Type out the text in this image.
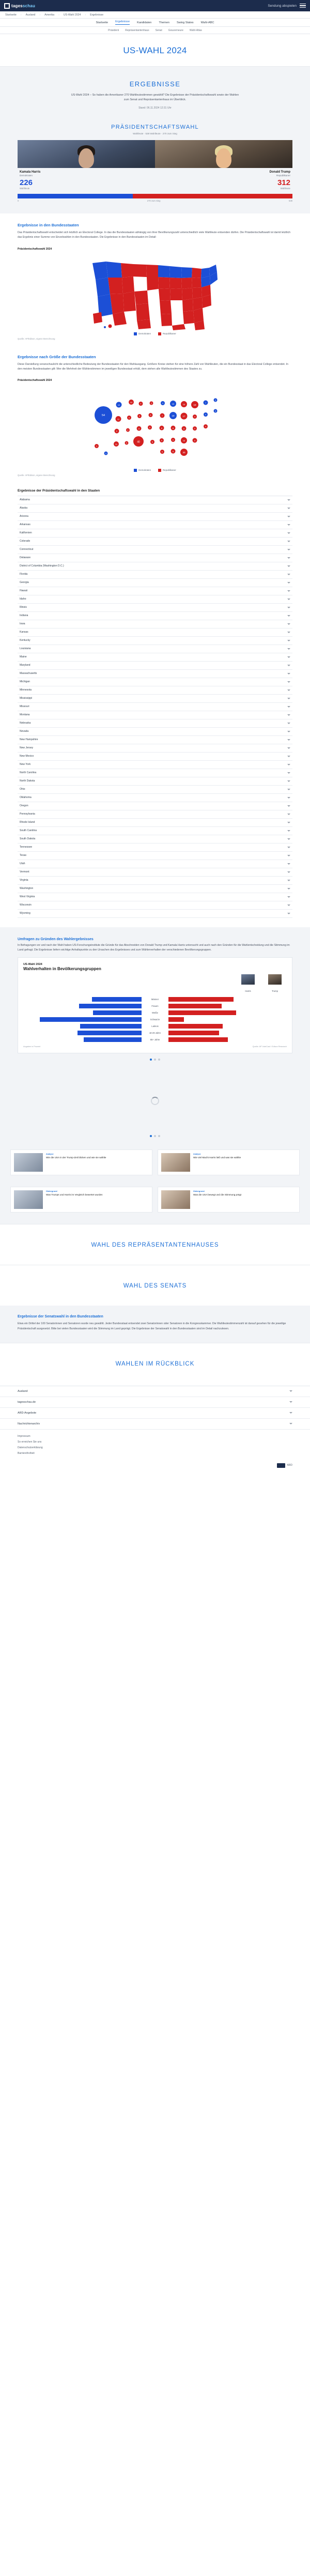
tagesschau	Sendung abspielen
Startseite › Ausland › Amerika › US-Wahl 2024 › Ergebnisse
Startseite	Ergebnisse	Kandidaten	Themen	Swing States	Wahl-ABC
Präsident Repräsentantenhaus Senat Gouverneure Wahl-Atlas
US-WAHL 2024
ERGEBNISSE

US-Wahl 2024 – So haben die Amerikaner 270 Wahlleutestimmen gewählt? Die Ergebnisse der Präsidentschaftswahl sowie der Wahlen zum Senat und Repräsentantenhaus im Überblick.

Stand: 06.11.2024 12:31 Uhr
PRÄSIDENTSCHAFTSWAHL
Wahlleute · 538 Wahlleute · 270 zum Sieg
Kamala Harris
Demokraten
226
Wahlleute
Donald Trump
Republikaner
312
Wahlleute
0	270 zum Sieg	538
Ergebnisse in den Bundesstaaten

Das Präsidentschaftswahl entscheidet sich letztlich an Electoral College. In das die Bundesstaaten abhängig von ihrer Bevölkerungszahl unterschiedlich viele Wahlleute entsenden dürfen. Die Präsidentschaftswahl ist damit letztlich das Ergebnis einer Summe von Einzelwahlen in den Bundesstaaten. Die Ergebnisse in den Bundesstaaten im Detail:

Präsidentschaftswahl 2024
Demokraten	Republikaner
Quelle: AP/Edison, eigene Berechnung
Ergebnisse nach Größe der Bundesstaaten

Diese Darstellung veranschaulicht die unterschiedliche Bedeutung der Bundesstaaten für den Wahlausgang. Größere Kreise stehen für eine höhere Zahl von Wahlleuten, die ein Bundesstaat in das Electoral College entsendet. In den meisten Bundesstaaten gilt: Wer die Mehrheit der Wählerstimmen im jeweiligen Bundesstaat erhält, dem stehen alle Wahlleutestimmen des Staates zu.

Präsidentschaftswahl 2024
54
12
10
11	6
6	4
11 5
4	3
5	6
8	6
40	6
4
7
8
6
6
10
19
8
6
8
15
17
8
16
30
19
4
5
9
7
4
3
3
4
3
4
Demokraten	Republikaner
Quelle: AP/Edison, eigene Berechnung
Ergebnisse der Präsidentschaftswahl in den Staaten
Alabama
Alaska
Arizona
Arkansas
Kalifornien
Colorado
Connecticut
Delaware
District of Columbia (Washington D.C.)
Florida
Georgia
Hawaii
Idaho
Illinois
Indiana
Iowa
Kansas
Kentucky
Louisiana
Maine
Maryland
Massachusetts
Michigan
Minnesota
Mississippi
Missouri
Montana
Nebraska
Nevada
New Hampshire
New Jersey
New Mexico
New York
North Carolina
North Dakota
Ohio
Oklahoma
Oregon
Pennsylvania
Rhode Island
South Carolina
South Dakota
Tennessee
Texas
Utah
Vermont
Virginia
Washington
West Virginia
Wisconsin
Wyoming
Umfragen zu Gründen des Wahlergebnisses

In Befragungen vor und nach der Wahl haben US-Forschungsinstitute die Gründe für das Abschneiden von Donald Trump und Kamala Harris untersucht und auch nach den Gründen für die Wahlentscheidung und die Stimmung im Land gefragt. Die Ergebnisse liefern wichtige Anhaltspunkte zu den Ursachen des Ergebnisses und zum Wählerverhalten der verschiedenen Bevölkerungsgruppen.

US-Wahl 2024
Wahlverhalten in Bevölkerungsgruppen
Harris	Trump
Männer
Frauen
Weiße
Schwarze
Latinos
18-29 Jahre
65+ Jahre
Angaben in Prozent	Quelle: AP VoteCast / Edison Research
Analyse
Wie die USA in der Trump-Zeit blicken und wie sie wählte
Analyse
Wie viel Macht Harris ließ und was sie wählte
Hintergrund
Was Trumps und Harris im Vergleich bewertet wurden
Hintergrund
Was die USA bewegt und die Stimmung prägt
WAHL DES REPRÄSENTANTENHAUSES
WAHL DES SENATS
Ergebnisse der Senatswahl in den Bundesstaaten

Etwa ein Drittel der 100 Senatorinnen und Senatoren wurde neu gewählt. Jeder Bundesstaat entsendet zwei Senatorinnen oder Senatoren in die Kongresskammer. Die Wahlleutestimmenzahl ist darauf gesehen für die jeweilige Präsidentschaft ausgesetzt. Bitte bei vielen Bundesstaaten wird die Stimmung im Land geprägt. Die Ergebnisse der Senatswahl in den Bundesstaaten sind im Detail nachzulesen.

WAHLEN IM RÜCKBLICK
Ausland
tagesschau.de
ARD-Angebote
Nachrichtenarchiv
Impressum
So erreichen Sie uns
Datenschutzerklärung
Barrierefreiheit
ARD
